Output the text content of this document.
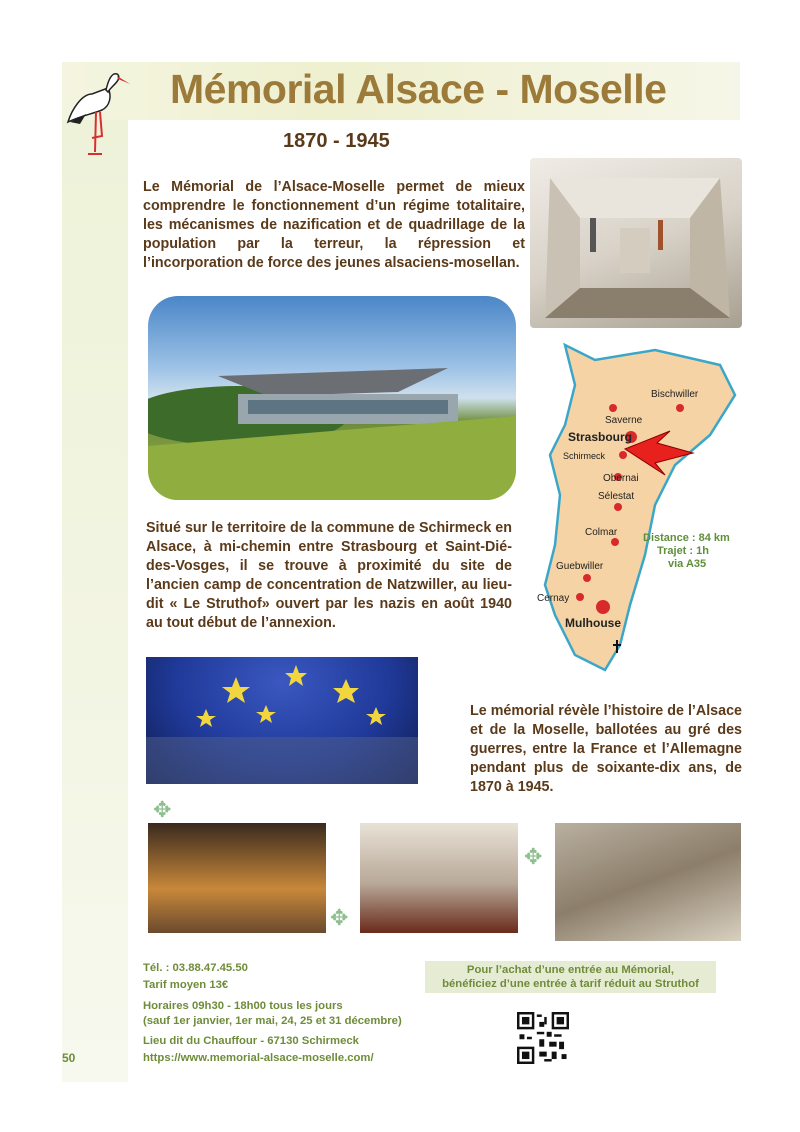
Mémorial Alsace - Moselle
1870 - 1945
Le Mémorial de l’Alsace-Moselle permet de mieux comprendre le fonctionnement d’un régime totalitaire, les mécanismes de nazification et de quadrillage de la population par la terreur, la répression et l’incorporation de force des jeunes alsaciens-mosellan.
Bischwiller
Saverne
Strasbourg
Schirmeck
Obernai
Sélestat
Colmar
Guebwiller
Cernay
Mulhouse
Distance : 84 km
Trajet : 1h
via A35
Situé sur le territoire de la commune de Schirmeck en Alsace, à mi-chemin entre Strasbourg et Saint-Dié-des-Vosges, il se trouve à proximité du site de l’ancien camp de concentration de Natzwiller, au lieu-dit « Le Struthof» ouvert par les nazis en août 1940 au tout début de l’annexion.
Le mémorial révèle l’histoire de l’Alsace et de la Moselle, ballotées au gré des guerres, entre la France et l’Allemagne pendant plus de soixante-dix ans, de 1870 à 1945.
✥
✥
✥
Tél. : 03.88.47.45.50
Tarif moyen 13€
Horaires 09h30 - 18h00 tous les jours
(sauf 1er janvier, 1er mai, 24, 25 et 31 décembre)
Lieu dit du Chauffour - 67130 Schirmeck
https://www.memorial-alsace-moselle.com/
Pour l’achat d’une entrée au Mémorial,
bénéficiez d’une entrée à tarif réduit au Struthof
50
